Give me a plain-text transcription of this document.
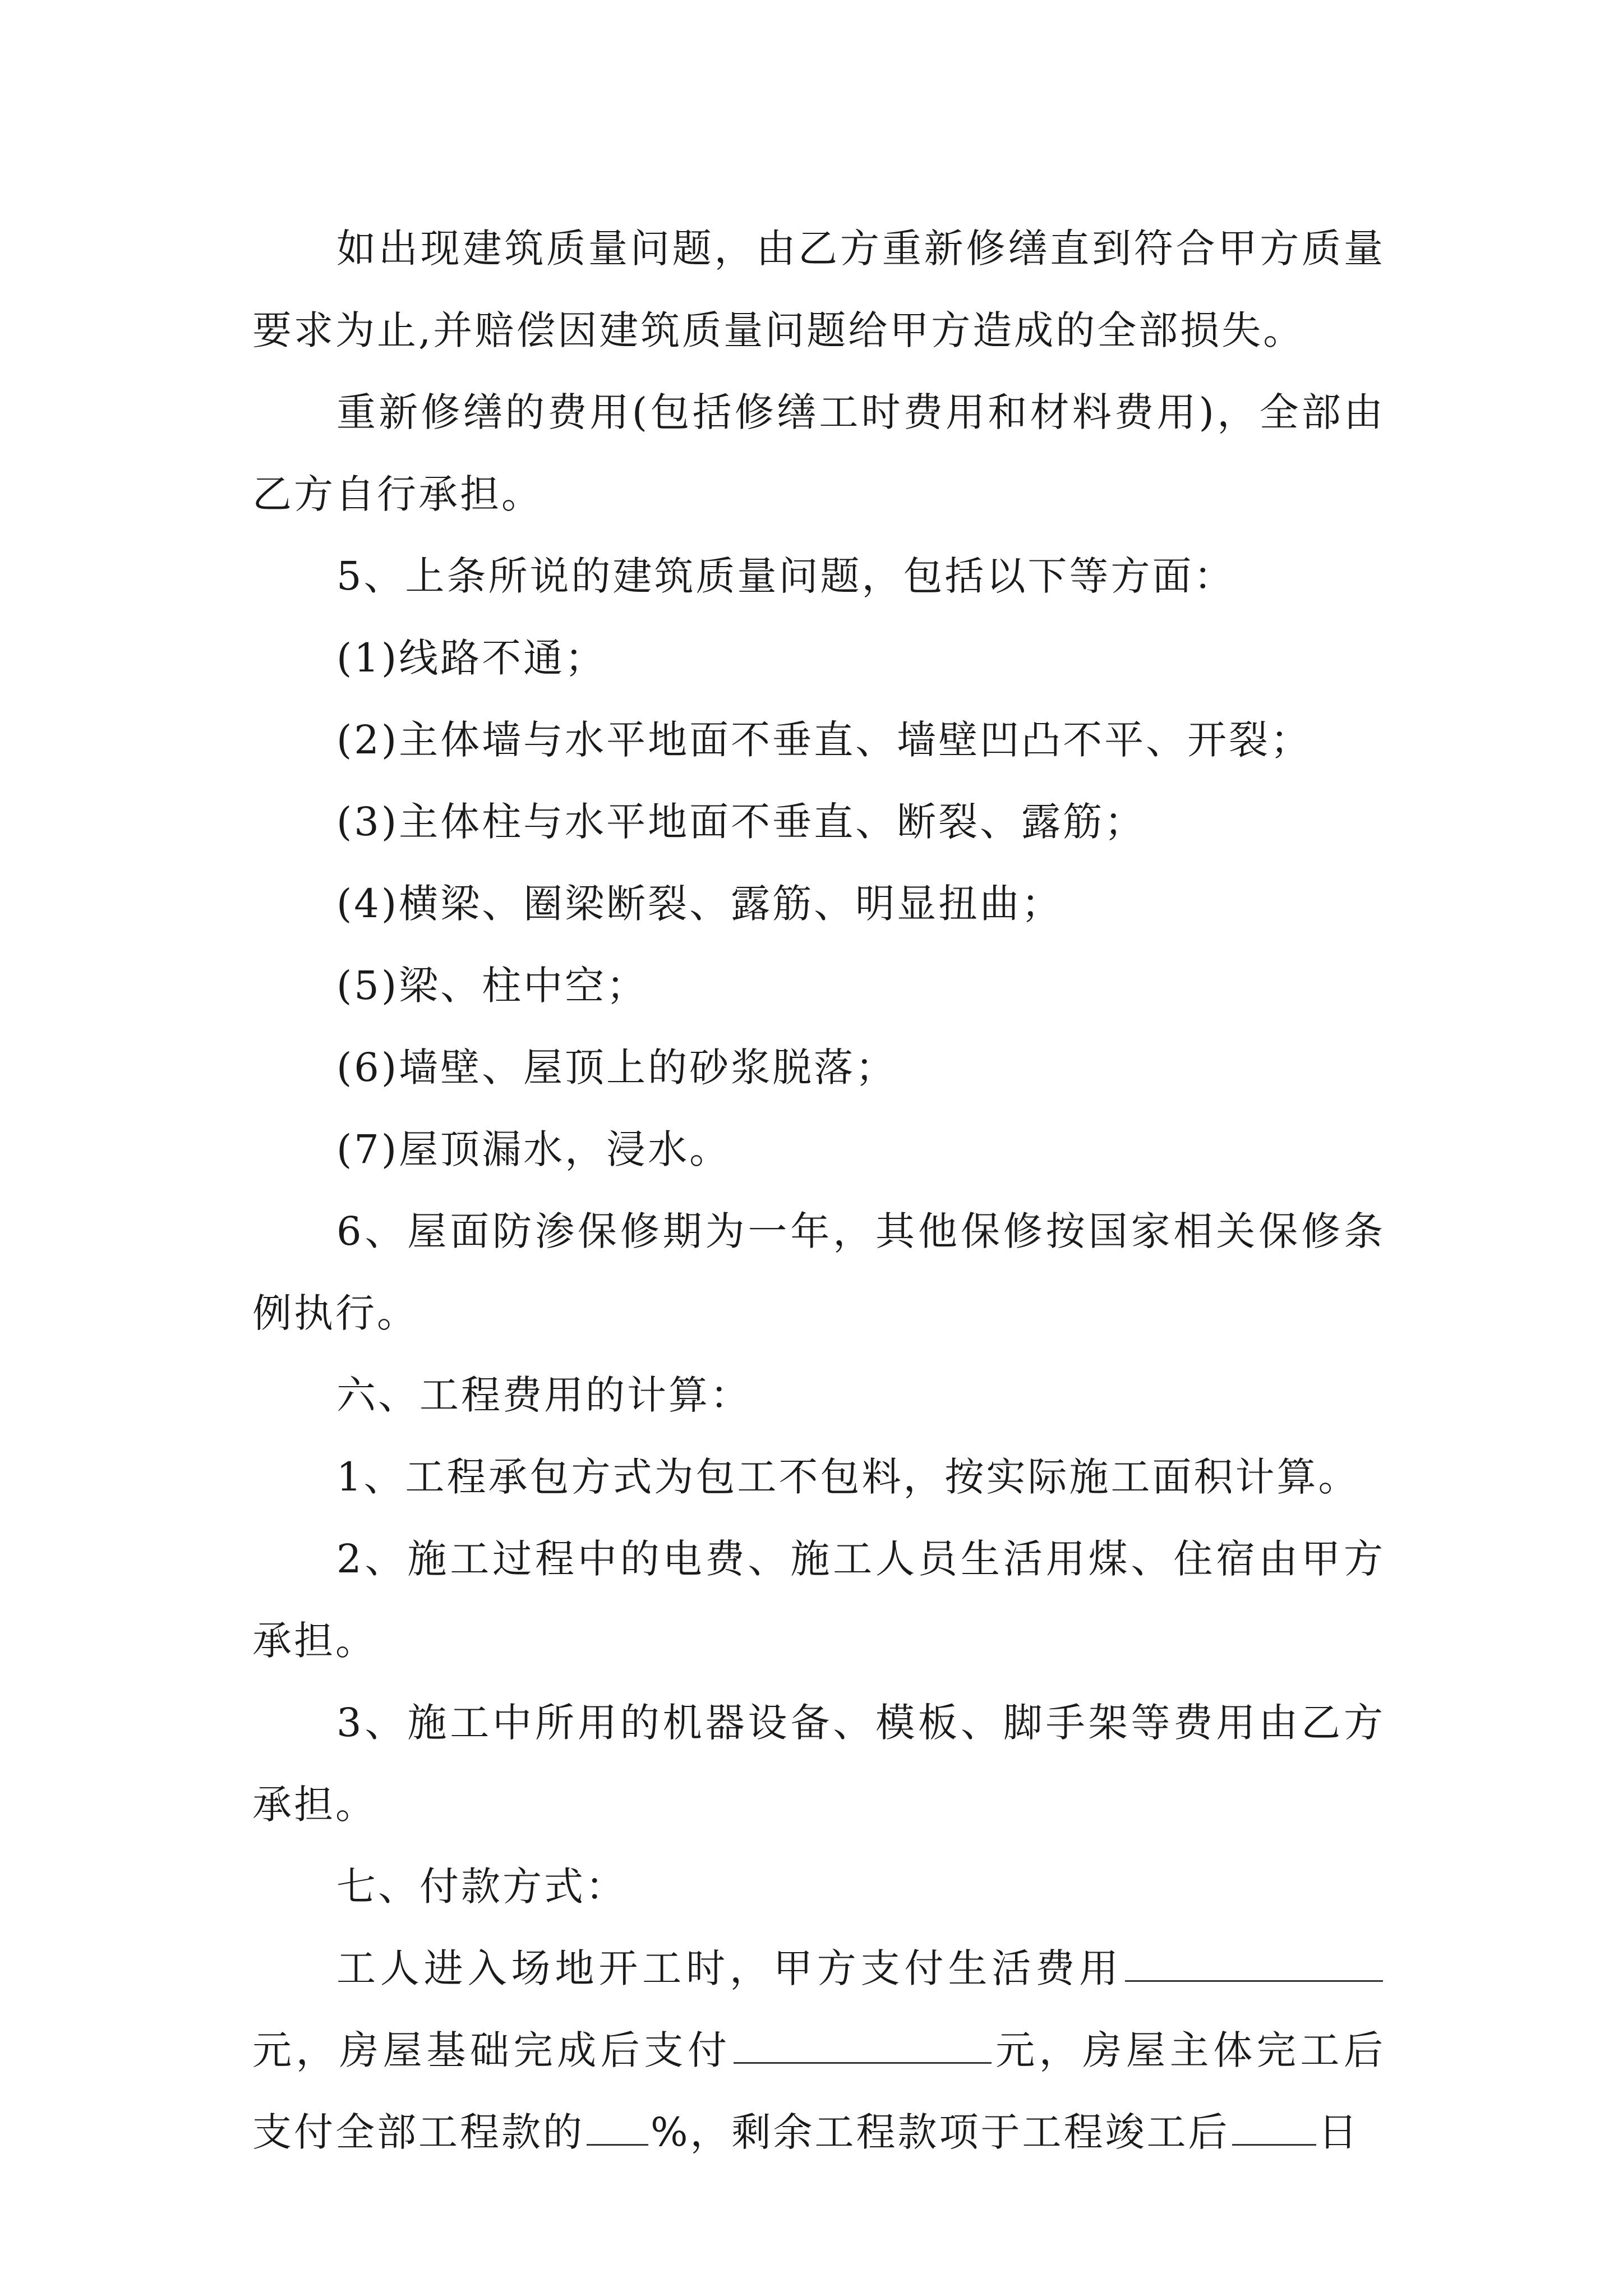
如出现建筑质量问题，由乙方重新修缮直到符合甲方质量要求为止,并赔偿因建筑质量问题给甲方造成的全部损失。

重新修缮的费用(包括修缮工时费用和材料费用)，全部由乙方自行承担。

5、上条所说的建筑质量问题，包括以下等方面：

(1)线路不通；

(2)主体墙与水平地面不垂直、墙壁凹凸不平、开裂；

(3)主体柱与水平地面不垂直、断裂、露筋；

(4)横梁、圈梁断裂、露筋、明显扭曲；

(5)梁、柱中空；

(6)墙壁、屋顶上的砂浆脱落；

(7)屋顶漏水，浸水。

6、屋面防渗保修期为一年，其他保修按国家相关保修条例执行。

六、工程费用的计算：

1、工程承包方式为包工不包料，按实际施工面积计算。

2、施工过程中的电费、施工人员生活用煤、住宿由甲方承担。

3、施工中所用的机器设备、模板、脚手架等费用由乙方承担。

七、付款方式：

工人进入场地开工时，甲方支付生活费用元，房屋基础完成后支付	元，房屋主体完工后支付全部工程款的 %，剩余工程款项于工程竣工后 日
